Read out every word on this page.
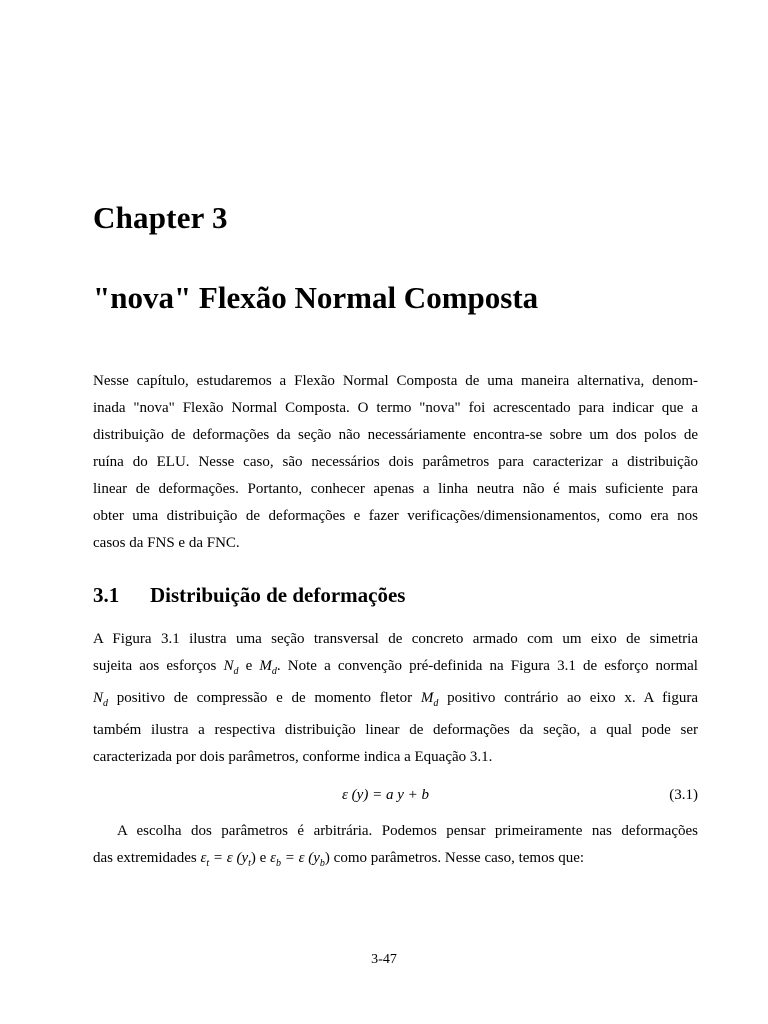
Chapter 3
"nova" Flexão Normal Composta
Nesse capítulo, estudaremos a Flexão Normal Composta de uma maneira alternativa, denom-
inada "nova" Flexão Normal Composta. O termo "nova" foi acrescentado para indicar que a
distribuição de deformações da seção não necessáriamente encontra-se sobre um dos polos de
ruína do ELU. Nesse caso, são necessários dois parâmetros para caracterizar a distribuição
linear de deformações. Portanto, conhecer apenas a linha neutra não é mais suficiente para
obter uma distribuição de deformações e fazer verificações/dimensionamentos, como era nos
casos da FNS e da FNC.
3.1 Distribuição de deformações
A Figura 3.1 ilustra uma seção transversal de concreto armado com um eixo de simetria
sujeita aos esforços $N_d$ e $M_d$. Note a convenção pré-definida na Figura 3.1 de esforço normal
$N_d$ positivo de compressão e de momento fletor $M_d$ positivo contrário ao eixo x. A figura
também ilustra a respectiva distribuição linear de deformações da seção, a qual pode ser
caracterizada por dois parâmetros, conforme indica a Equação 3.1.
ε (y) = a y + b	(3.1)
A escolha dos parâmetros é arbitrária. Podemos pensar primeiramente nas deformações
das extremidades $\varepsilon_t = \varepsilon$ $(y_t)$ e $\varepsilon_b = \varepsilon$ $(y_b)$ como parâmetros. Nesse caso, temos que:
3-47
